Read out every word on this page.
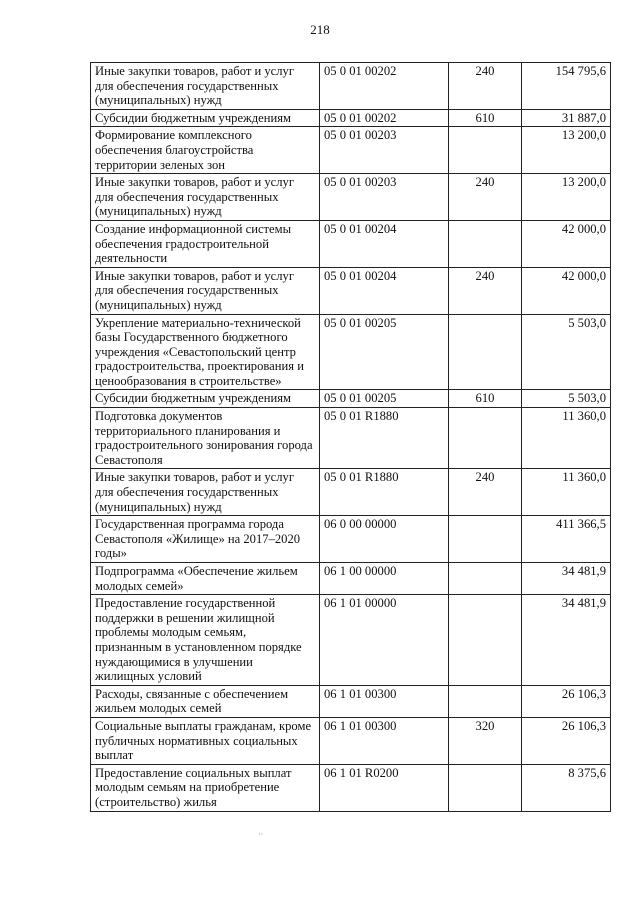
218
Иные закупки товаров, работ и услуг для обеспечения государственных (муниципальных) нужд	05 0 01 00202	240	154 795,6
Субсидии бюджетным учреждениям	05 0 01 00202	610	31 887,0
Формирование комплексного обеспечения благоустройства территории зеленых зон	05 0 01 00203		13 200,0
Иные закупки товаров, работ и услуг для обеспечения государственных (муниципальных) нужд	05 0 01 00203	240	13 200,0
Создание информационной системы обеспечения градостроительной деятельности	05 0 01 00204		42 000,0
Иные закупки товаров, работ и услуг для обеспечения государственных (муниципальных) нужд	05 0 01 00204	240	42 000,0
Укрепление материально-технической базы Государственного бюджетного учреждения «Севастопольский центр градостроительства, проектирования и ценообразования в строительстве»	05 0 01 00205		5 503,0
Субсидии бюджетным учреждениям	05 0 01 00205	610	5 503,0
Подготовка документов территориального планирования и градостроительного зонирования города Севастополя	05 0 01 R1880		11 360,0
Иные закупки товаров, работ и услуг для обеспечения государственных (муниципальных) нужд	05 0 01 R1880	240	11 360,0
Государственная программа города Севастополя «Жилище» на 2017–2020 годы»	06 0 00 00000		411 366,5
Подпрограмма «Обеспечение жильем молодых семей»	06 1 00 00000		34 481,9
Предоставление государственной поддержки в решении жилищной проблемы молодым семьям, признанным в установленном порядке нуждающимися в улучшении жилищных условий	06 1 01 00000		34 481,9
Расходы, связанные с обеспечением жильем молодых семей	06 1 01 00300		26 106,3
Социальные выплаты гражданам, кроме публичных нормативных социальных выплат	06 1 01 00300	320	26 106,3
Предоставление социальных выплат молодым семьям на приобретение (строительство) жилья	06 1 01 R0200		8 375,6
··
